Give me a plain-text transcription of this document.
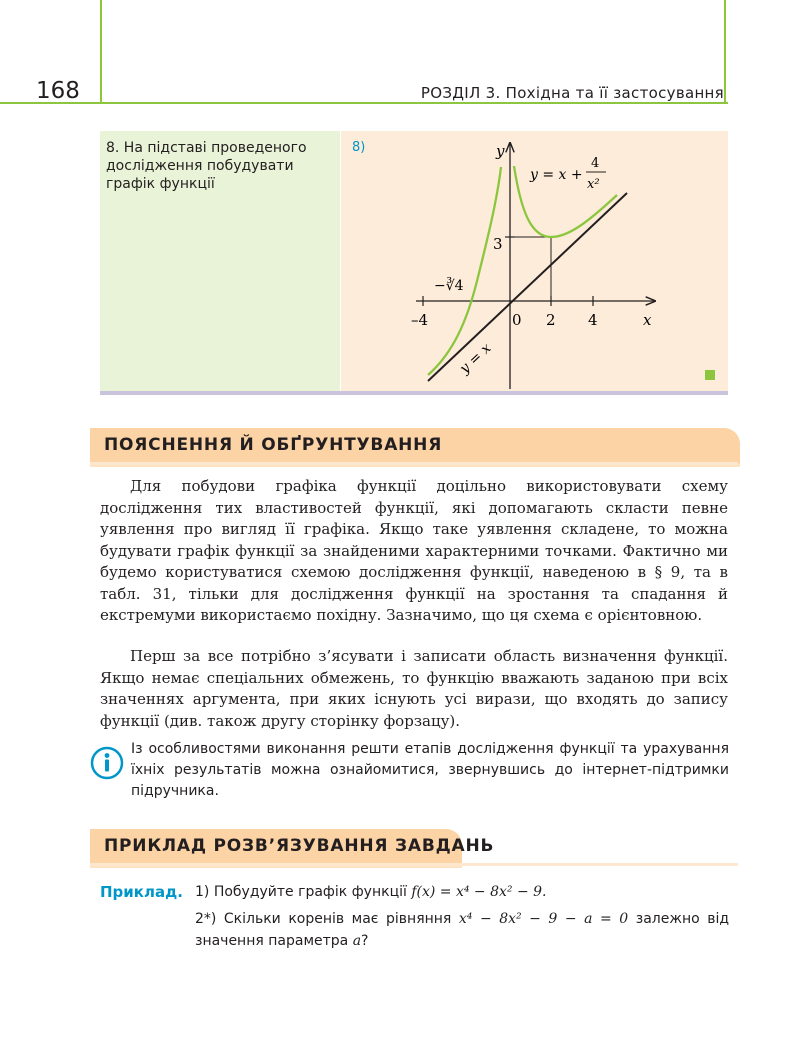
168	РОЗДІЛ 3. Похідна та її застосування
8. На підставі проведеного дослідження побудувати графік функції
8)	y
x
0
–4	2 4
3
−∛4
y = x
y = x +
4
x²
ПОЯСНЕННЯ Й ОБҐРУНТУВАННЯ

Для побудови графіка функції доцільно використовувати схему дослідження тих властивостей функції, які допомагають скласти певне уявлення про вигляд її графіка. Якщо таке уявлення складене, то можна будувати графік функції за знайденими характерними точками. Фактично ми будемо користуватися схемою дослідження функції, наведеною в § 9, та в табл. 31, тільки для дослідження функції на зростання та спадання й екстремуми використаємо похідну. Зазначимо, що ця схема є орієнтовною.

Перш за все потрібно з’ясувати і записати область визначення функції. Якщо немає спеціальних обмежень, то функцію вважають заданою при всіх значеннях аргумента, при яких існують усі вирази, що входять до запису функції (див. також другу сторінку форзацу).

Із особливостями виконання решти етапів дослідження функції та урахування їхніх результатів можна ознайомитися, звернувшись до інтернет-підтримки підручника.

ПРИКЛАД РОЗВ’ЯЗУВАННЯ ЗАВДАНЬ
Приклад. 1) Побудуйте графік функції f(x) = x⁴ − 8x² − 9.
2*) Скільки коренів має рівняння x⁴ − 8x² − 9 − a = 0 залежно від значення параметра a?
